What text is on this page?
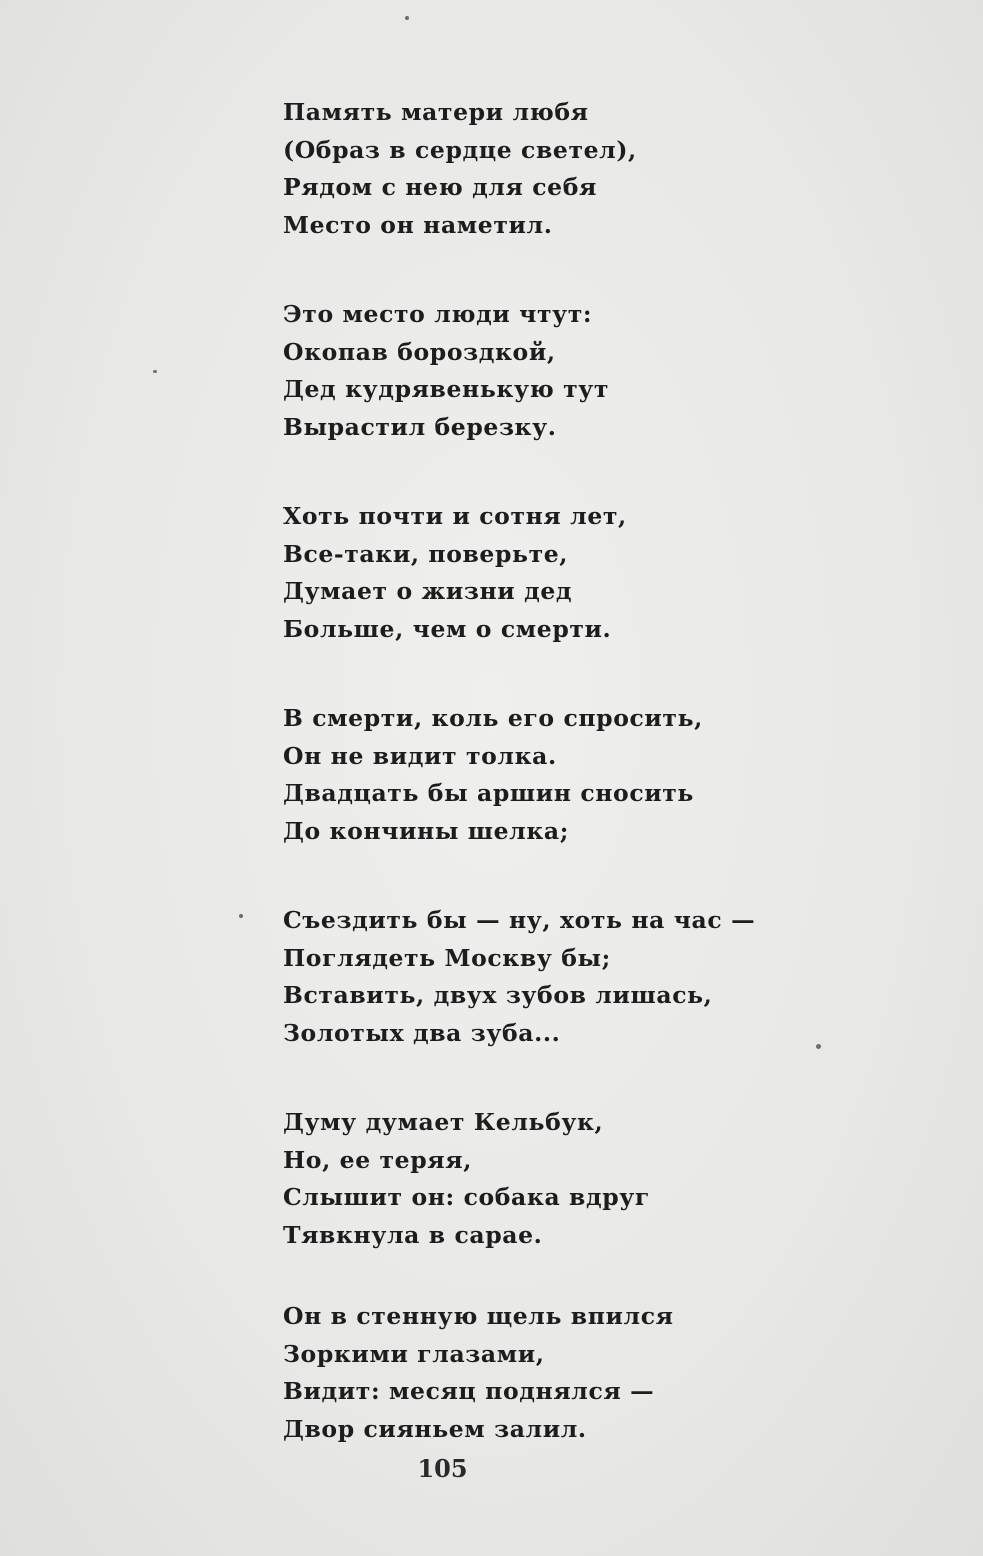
Память матери любя
(Образ в сердце светел),
Рядом с нею для себя
Место он наметил.
Это место люди чтут:
Окопав бороздкой,
Дед кудрявенькую тут
Вырастил березку.
Хоть почти и сотня лет,
Все-таки, поверьте,
Думает о жизни дед
Больше, чем о смерти.
В смерти, коль его спросить,
Он не видит толка.
Двадцать бы аршин сносить
До кончины шелка;
Съездить бы — ну, хоть на час —
Поглядеть Москву бы;
Вставить, двух зубов лишась,
Золотых два зуба...
Думу думает Кельбук,
Но, ее теряя,
Слышит он: собака вдруг
Тявкнула в сарае.
Он в стенную щель впился
Зоркими глазами,
Видит: месяц поднялся —
Двор сияньем залил.
105
